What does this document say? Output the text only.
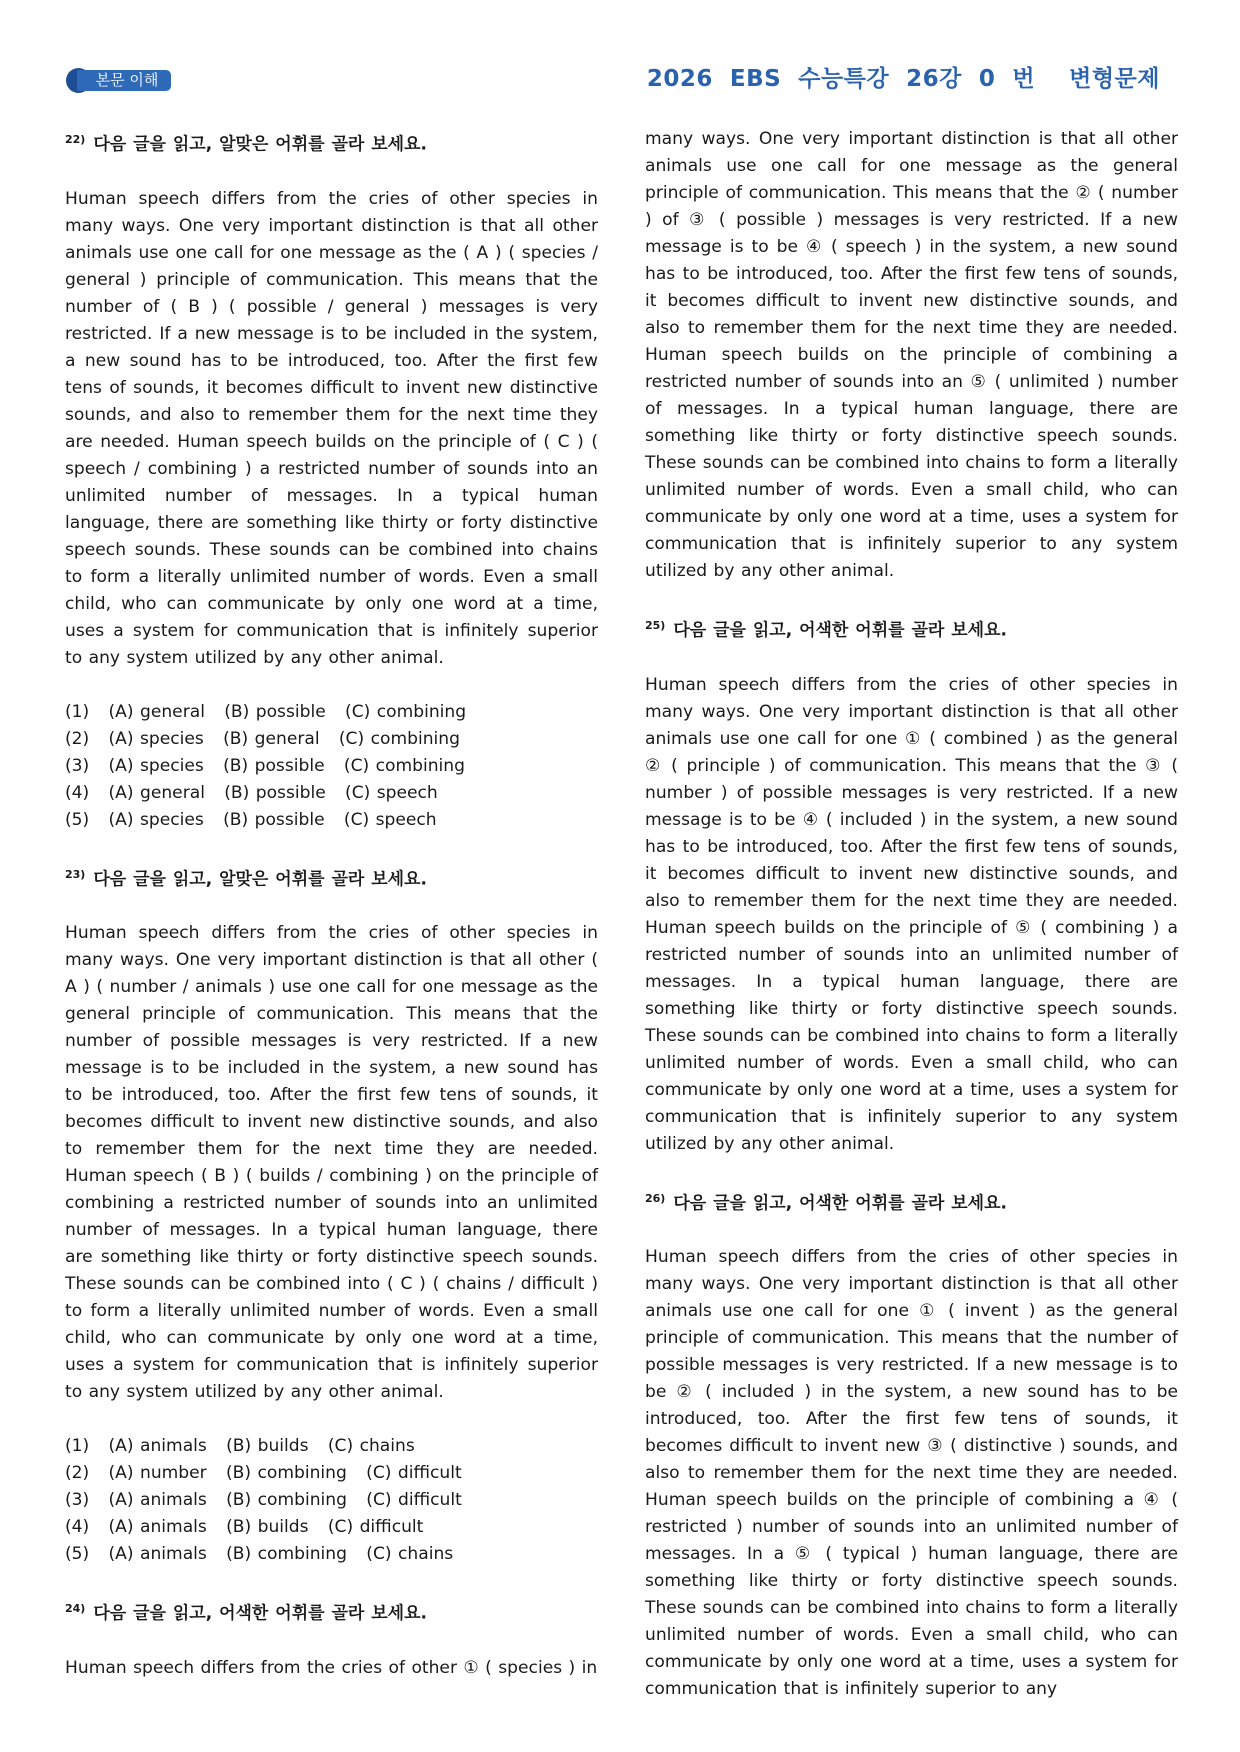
본문 이해	2026  EBS  수능특강  26강  0  번    변형문제
$^{22)}$ 다음 글을 읽고, 알맞은 어휘를 골라 보세요.
Human speech differs from the cries of other species in many ways. One very important distinction is that all other animals use one call for one message as the ( A ) ( species / general ) principle of communication. This means that the number of ( B ) ( possible / general ) messages is very restricted. If a new message is to be included in the system, a new sound has to be introduced, too. After the first few tens of sounds, it becomes difficult to invent new distinctive sounds, and also to remember them for the next time they are needed. Human speech builds on the principle of ( C ) ( speech / combining ) a restricted number of sounds into an unlimited number of messages. In a typical human language, there are something like thirty or forty distinctive speech sounds. These sounds can be combined into chains to form a literally unlimited number of words. Even a small child, who can communicate by only one word at a time, uses a system for communication that is infinitely superior to any system utilized by any other animal.
(1)   (A) general   (B) possible   (C) combining
(2)   (A) species   (B) general   (C) combining
(3)   (A) species   (B) possible   (C) combining
(4)   (A) general   (B) possible   (C) speech
(5)   (A) species   (B) possible   (C) speech
$^{23)}$ 다음 글을 읽고, 알맞은 어휘를 골라 보세요.
Human speech differs from the cries of other species in many ways. One very important distinction is that all other ( A ) ( number / animals ) use one call for one message as the general principle of communication. This means that the number of possible messages is very restricted. If a new message is to be included in the system, a new sound has to be introduced, too. After the first few tens of sounds, it becomes difficult to invent new distinctive sounds, and also to remember them for the next time they are needed. Human speech ( B ) ( builds / combining ) on the principle of combining a restricted number of sounds into an unlimited number of messages. In a typical human language, there are something like thirty or forty distinctive speech sounds. These sounds can be combined into ( C ) ( chains / difficult ) to form a literally unlimited number of words. Even a small child, who can communicate by only one word at a time, uses a system for communication that is infinitely superior to any system utilized by any other animal.
(1)   (A) animals   (B) builds   (C) chains
(2)   (A) number   (B) combining   (C) difficult
(3)   (A) animals   (B) combining   (C) difficult
(4)   (A) animals   (B) builds   (C) difficult
(5)   (A) animals   (B) combining   (C) chains
$^{24)}$ 다음 글을 읽고, 어색한 어휘를 골라 보세요.
Human speech differs from the cries of other ① ( species ) in
many ways. One very important distinction is that all other animals use one call for one message as the general principle of communication. This means that the ② ( number ) of ③ ( possible ) messages is very restricted. If a new message is to be ④ ( speech ) in the system, a new sound has to be introduced, too. After the first few tens of sounds, it becomes difficult to invent new distinctive sounds, and also to remember them for the next time they are needed. Human speech builds on the principle of combining a restricted number of sounds into an ⑤ ( unlimited ) number of messages. In a typical human language, there are something like thirty or forty distinctive speech sounds. These sounds can be combined into chains to form a literally unlimited number of words. Even a small child, who can communicate by only one word at a time, uses a system for communication that is infinitely superior to any system utilized by any other animal.
$^{25)}$ 다음 글을 읽고, 어색한 어휘를 골라 보세요.
Human speech differs from the cries of other species in many ways. One very important distinction is that all other animals use one call for one ① ( combined ) as the general ② ( principle ) of communication. This means that the ③ ( number ) of possible messages is very restricted. If a new message is to be ④ ( included ) in the system, a new sound has to be introduced, too. After the first few tens of sounds, it becomes difficult to invent new distinctive sounds, and also to remember them for the next time they are needed. Human speech builds on the principle of ⑤ ( combining ) a restricted number of sounds into an unlimited number of messages. In a typical human language, there are something like thirty or forty distinctive speech sounds. These sounds can be combined into chains to form a literally unlimited number of words. Even a small child, who can communicate by only one word at a time, uses a system for communication that is infinitely superior to any system utilized by any other animal.
$^{26)}$ 다음 글을 읽고, 어색한 어휘를 골라 보세요.
Human speech differs from the cries of other species in many ways. One very important distinction is that all other animals use one call for one ① ( invent ) as the general principle of communication. This means that the number of possible messages is very restricted. If a new message is to be ② ( included ) in the system, a new sound has to be introduced, too. After the first few tens of sounds, it becomes difficult to invent new ③ ( distinctive ) sounds, and also to remember them for the next time they are needed. Human speech builds on the principle of combining a ④ ( restricted ) number of sounds into an unlimited number of messages. In a ⑤ ( typical ) human language, there are something like thirty or forty distinctive speech sounds. These sounds can be combined into chains to form a literally unlimited number of words. Even a small child, who can communicate by only one word at a time, uses a system for communication that is infinitely superior to any
